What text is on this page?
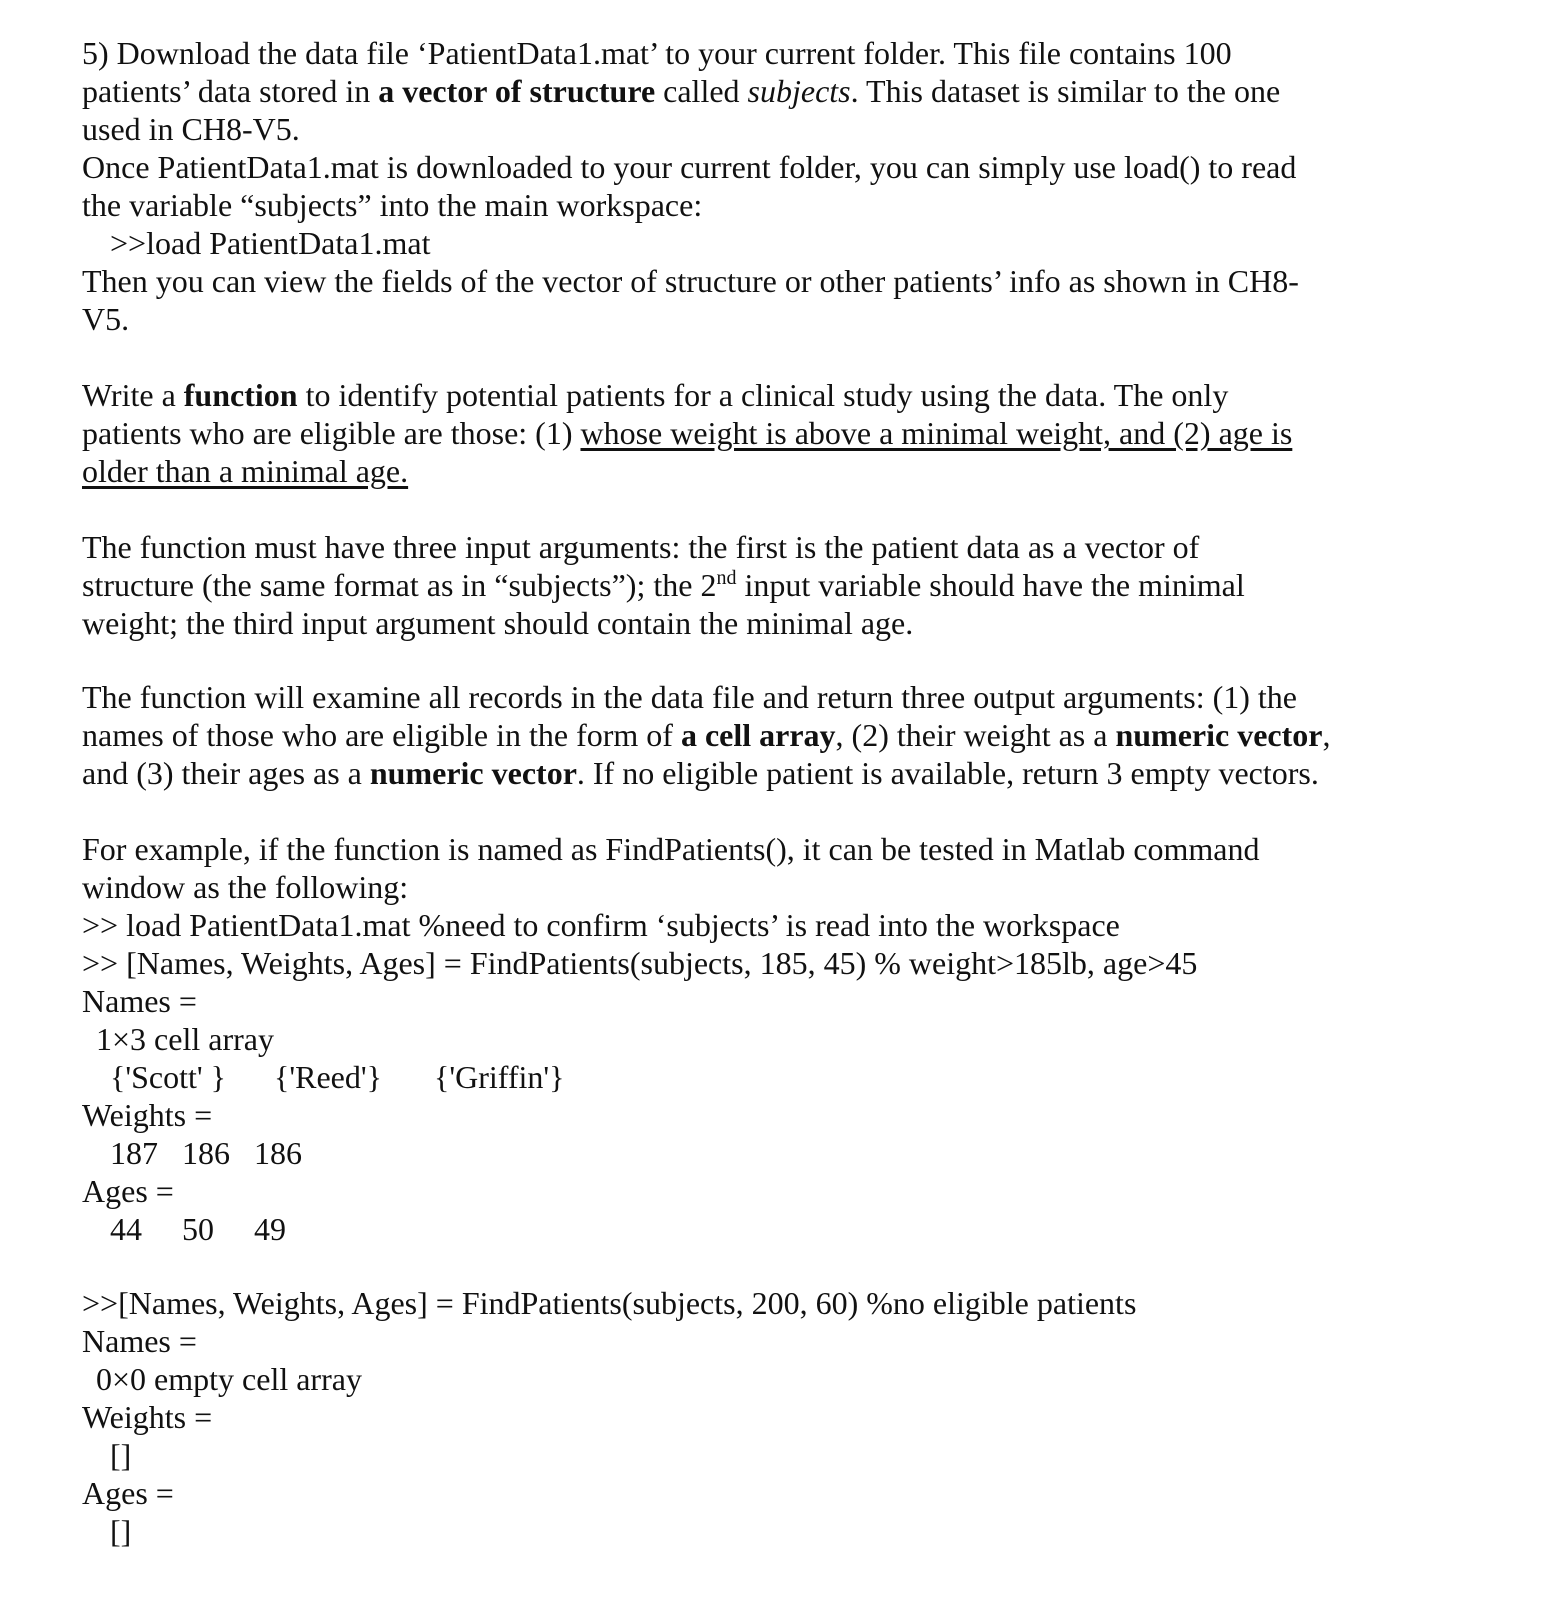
5) Download the data file ‘PatientData1.mat’ to your current folder. This file contains 100
patients’ data stored in a vector of structure called subjects. This dataset is similar to the one
used in CH8-V5.
Once PatientData1.mat is downloaded to your current folder, you can simply use load() to read
the variable “subjects” into the main workspace:
>>load PatientData1.mat
Then you can view the fields of the vector of structure or other patients’ info as shown in CH8-
V5.
Write a function to identify potential patients for a clinical study using the data. The only
patients who are eligible are those: (1) whose weight is above a minimal weight, and (2) age is
older than a minimal age.
The function must have three input arguments: the first is the patient data as a vector of
structure (the same format as in “subjects”); the 2nd input variable should have the minimal
weight; the third input argument should contain the minimal age.
The function will examine all records in the data file and return three output arguments: (1) the
names of those who are eligible in the form of a cell array, (2) their weight as a numeric vector,
and (3) their ages as a numeric vector. If no eligible patient is available, return 3 empty vectors.
For example, if the function is named as FindPatients(), it can be tested in Matlab command
window as the following:
>> load PatientData1.mat %need to confirm ‘subjects’ is read into the workspace
>> [Names, Weights, Ages] = FindPatients(subjects, 185, 45) % weight>185lb, age>45
Names =
1×3 cell array
{'Scott' } {'Reed'} {'Griffin'}
Weights =
187   186   186
Ages =
44     50     49
>>[Names, Weights, Ages] = FindPatients(subjects, 200, 60) %no eligible patients
Names =
0×0 empty cell array
Weights =
[]
Ages =
[]
